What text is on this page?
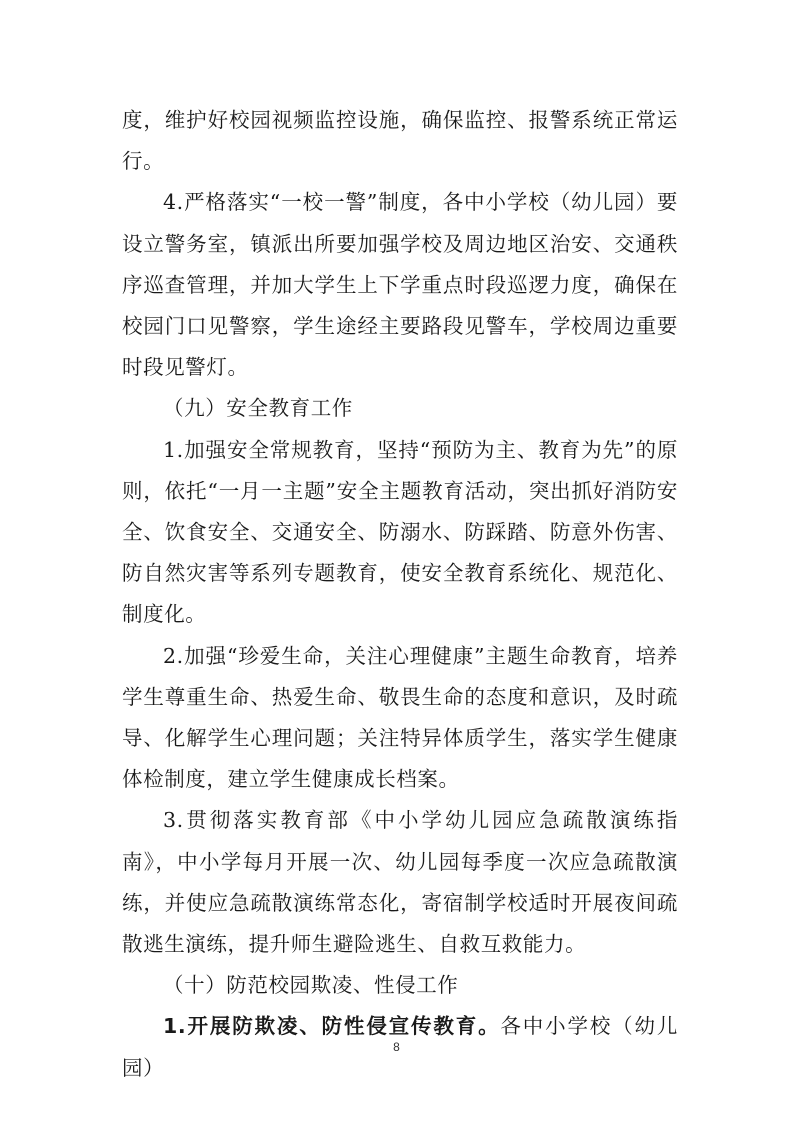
度，维护好校园视频监控设施，确保监控、报警系统正常运行。

4.严格落实“一校一警”制度，各中小学校（幼儿园）要设立警务室，镇派出所要加强学校及周边地区治安、交通秩序巡查管理，并加大学生上下学重点时段巡逻力度，确保在校园门口见警察，学生途经主要路段见警车，学校周边重要时段见警灯。

（九）安全教育工作

1.加强安全常规教育，坚持“预防为主、教育为先”的原则，依托“一月一主题”安全主题教育活动，突出抓好消防安全、饮食安全、交通安全、防溺水、防踩踏、防意外伤害、防自然灾害等系列专题教育，使安全教育系统化、规范化、制度化。

2.加强“珍爱生命，关注心理健康”主题生命教育，培养学生尊重生命、热爱生命、敬畏生命的态度和意识，及时疏导、化解学生心理问题；关注特异体质学生，落实学生健康体检制度，建立学生健康成长档案。

3.贯彻落实教育部《中小学幼儿园应急疏散演练指南》，中小学每月开展一次、幼儿园每季度一次应急疏散演练，并使应急疏散演练常态化，寄宿制学校适时开展夜间疏散逃生演练，提升师生避险逃生、自救互救能力。

（十）防范校园欺凌、性侵工作

1.开展防欺凌、防性侵宣传教育。各中小学校（幼儿园）

8
